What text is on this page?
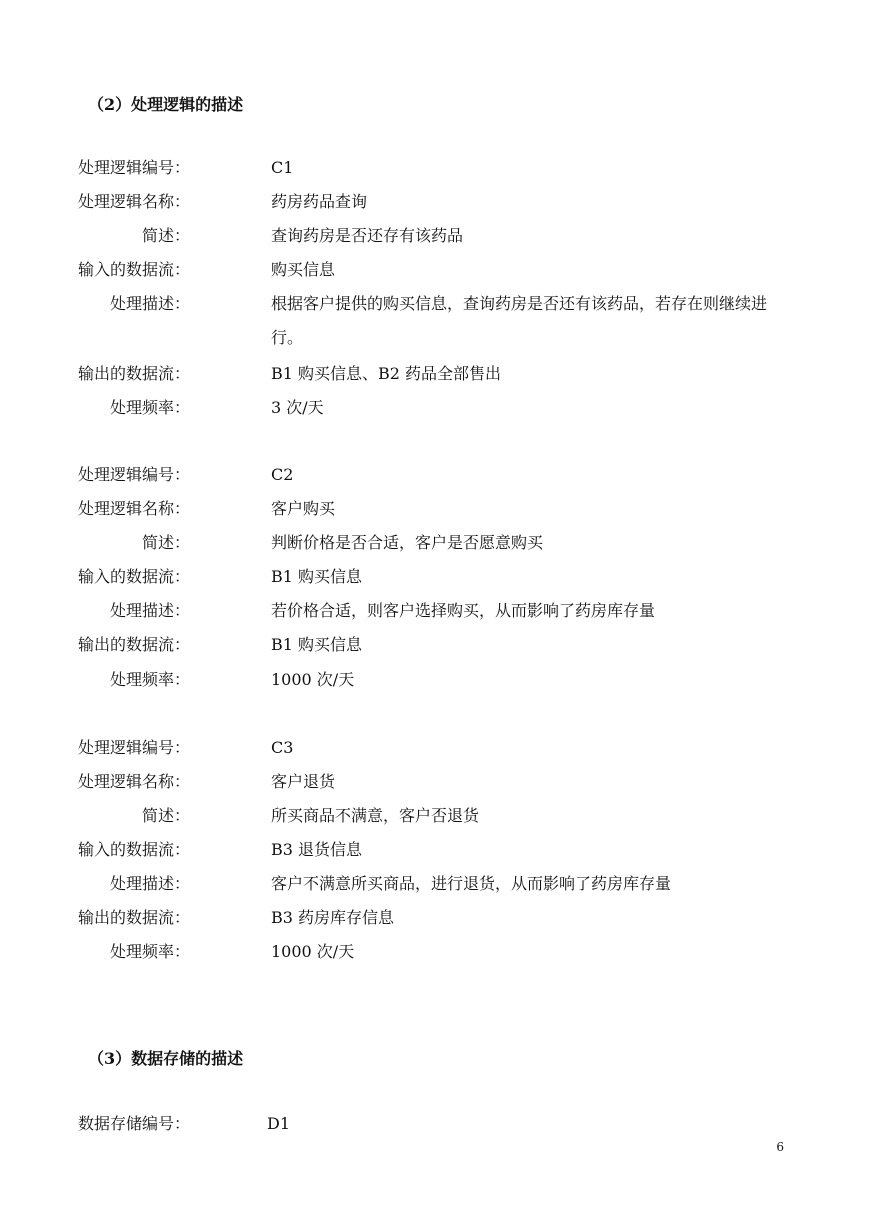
（2）处理逻辑的描述
处理逻辑编号：	C1
处理逻辑名称：	药房药品查询
简述：	查询药房是否还存有该药品
输入的数据流：	购买信息
处理描述：	根据客户提供的购买信息，查询药房是否还有该药品，若存在则继续进行。
输出的数据流：	B1 购买信息、B2 药品全部售出
处理频率：	3 次/天
处理逻辑编号：	C2
处理逻辑名称：	客户购买
简述：	判断价格是否合适，客户是否愿意购买
输入的数据流：	B1 购买信息
处理描述：	若价格合适，则客户选择购买，从而影响了药房库存量
输出的数据流：	B1 购买信息
处理频率：	1000 次/天
处理逻辑编号：	C3
处理逻辑名称：	客户退货
简述：	所买商品不满意，客户否退货
输入的数据流：	B3 退货信息
处理描述：	客户不满意所买商品，进行退货，从而影响了药房库存量
输出的数据流：	B3 药房库存信息
处理频率：	1000 次/天
（3）数据存储的描述
数据存储编号：	D1
6
